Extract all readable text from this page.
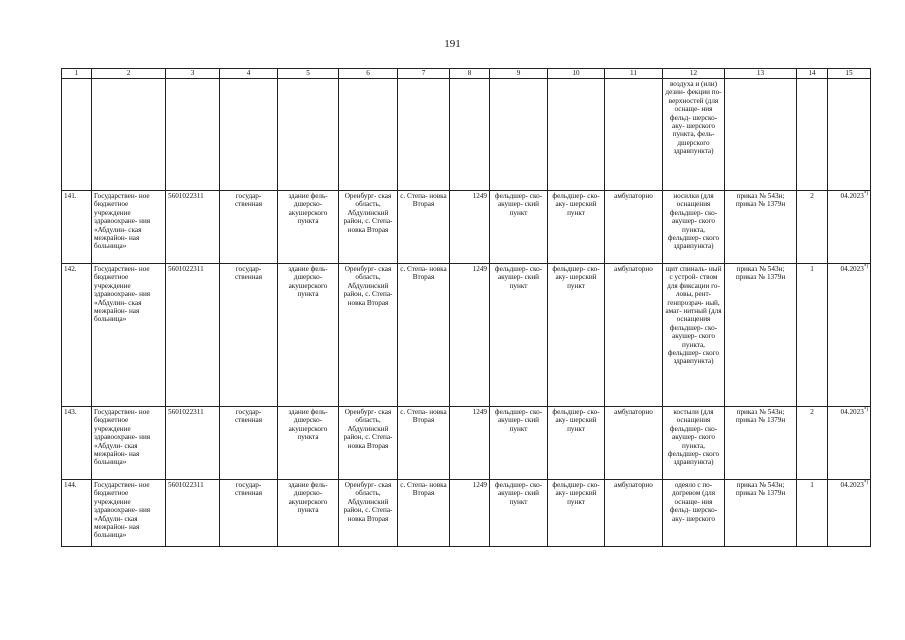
191
1	2	3	4	5	6	7	8	9	10	11	12	13	14	15
											воздуха и (или) дезин- фекции по- верхностей (для оснаще- ния фельд- шерско-аку- шерского пункта, фель- дшерского здравпункта)			
141.	Государствен- ное бюджетное учреждение здравоохране- ния «Абдулин- ская межрайон- ная больница»	5601022311	государ- ственная	здание фель- дшерско- акушерского пункта	Оренбург- ская область, Абдулинский район, с. Степа- новка Вторая	с. Степа- новка Вторая	1249	фельдшер- ско-акушер- ский пункт	фельдшер- ско-аку- шерский пункт	амбулаторно	носилки (для оснащения фельдшер- ско-акушер- ского пункта, фельдшер- ского здравпункта)	приказ № 543н; приказ № 1379н	2	04.2023*)
142.	Государствен- ное бюджетное учреждение здравоохране- ния «Абдулин- ская межрайон- ная больница»	5601022311	государ- ственная	здание фель- дшерско- акушерского пункта	Оренбург- ская область, Абдулинский район, с. Степа- новка Вторая	с. Степа- новка Вторая	1249	фельдшер- ско-акушер- ский пункт	фельдшер- ско-аку- шерский пункт	амбулаторно	щит спиналь- ный с устрой- ством для фиксации го- ловы, рент- генпрозрач- ный, амаг- нитный (для оснащения фельдшер- ско-акушер- ского пункта, фельдшер- ского здравпункта)	приказ № 543н; приказ № 1379н	1	04.2023*)
143.	Государствен- ное бюджетное учреждение здравоохране- ния «Абдули- ская межрайон- ная больница»	5601022311	государ- ственная	здание фель- дшерско- акушерского пункта	Оренбург- ская область, Абдулинский район, с. Степа- новка Вторая	с. Степа- новка Вторая	1249	фельдшер- ско-акушер- ский пункт	фельдшер- ско-аку- шерский пункт	амбулаторно	костыли (для оснащения фельдшер- ско-акушер- ского пункта, фельдшер- ского здравпункта)	приказ № 543н; приказ № 1379н	2	04.2023*)
144.	Государствен- ное бюджетное учреждение здравоохране- ния «Абдули- ская межрайон- ная больница»	5601022311	государ- ственная	здание фель- дшерско- акушерского пункта	Оренбург- ская область, Абдулинский район, с. Степа- новка Вторая	с. Степа- новка Вторая	1249	фельдшер- ско-акушер- ский пункт	фельдшер- ско-аку- шерский пункт	амбулаторно	одеяло с по- догревом (для оснаще- ния фельд- шерско-аку- шерского	приказ № 543н; приказ № 1379н	1	04.2023*)
